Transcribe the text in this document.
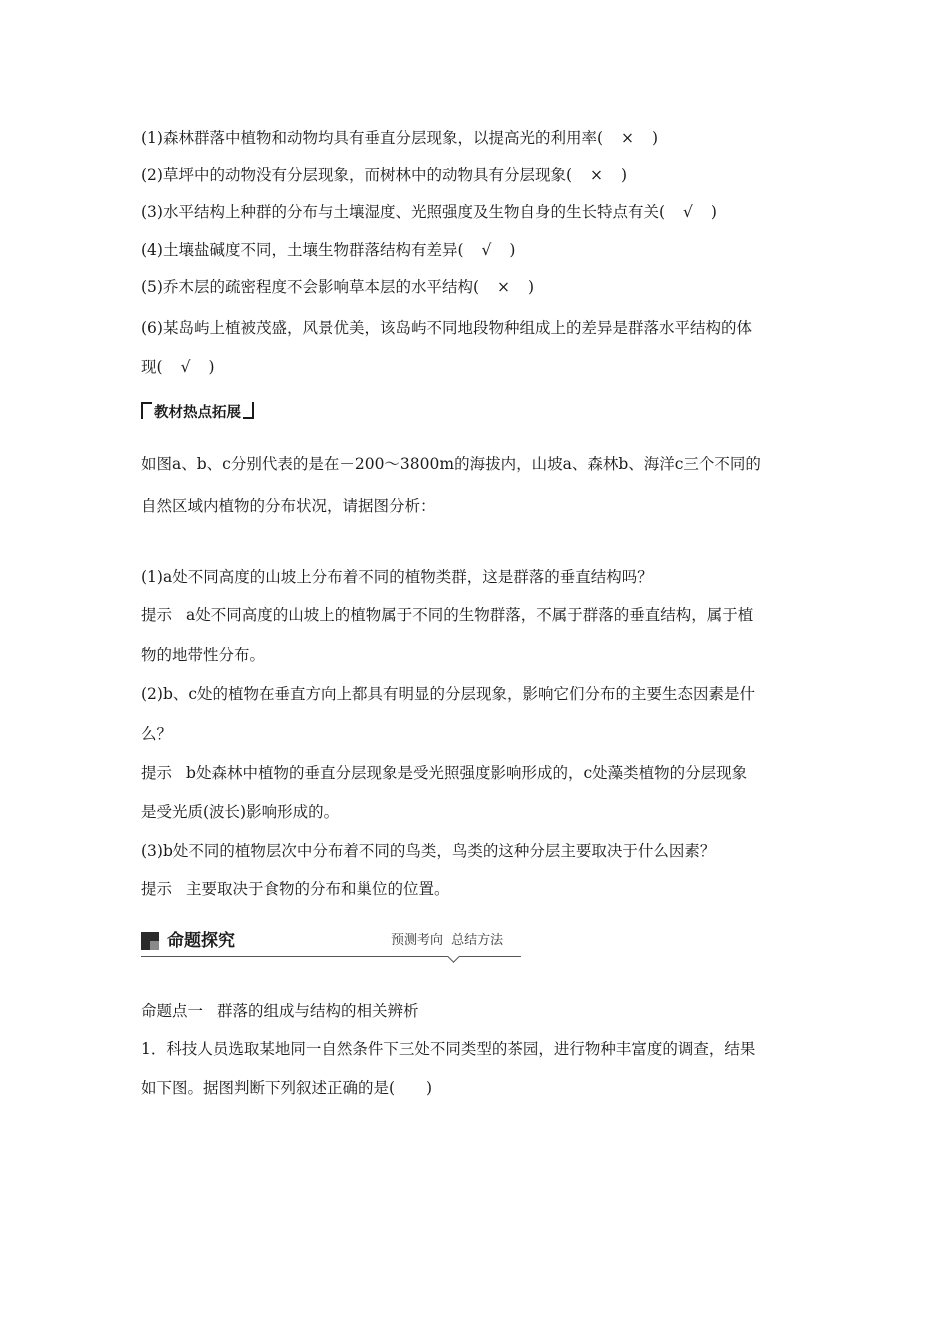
(1)森林群落中植物和动物均具有垂直分层现象，以提高光的利用率( × )
(2)草坪中的动物没有分层现象，而树林中的动物具有分层现象( × )
(3)水平结构上种群的分布与土壤湿度、光照强度及生物自身的生长特点有关( √ )
(4)土壤盐碱度不同，土壤生物群落结构有差异( √ )
(5)乔木层的疏密程度不会影响草本层的水平结构( × )
(6)某岛屿上植被茂盛，风景优美，该岛屿不同地段物种组成上的差异是群落水平结构的体
现( √ )
教材热点拓展
如图a、b、c分别代表的是在－200～3800m的海拔内，山坡a、森林b、海洋c三个不同的
自然区域内植物的分布状况，请据图分析：
(1)a处不同高度的山坡上分布着不同的植物类群，这是群落的垂直结构吗？
提示 a处不同高度的山坡上的植物属于不同的生物群落，不属于群落的垂直结构，属于植
物的地带性分布。
(2)b、c处的植物在垂直方向上都具有明显的分层现象，影响它们分布的主要生态因素是什
么？
提示 b处森林中植物的垂直分层现象是受光照强度影响形成的，c处藻类植物的分层现象
是受光质(波长)影响形成的。
(3)b处不同的植物层次中分布着不同的鸟类，鸟类的这种分层主要取决于什么因素？
提示 主要取决于食物的分布和巢位的位置。
命题探究	预测考向 总结方法
命题点一 群落的组成与结构的相关辨析
1．科技人员选取某地同一自然条件下三处不同类型的茶园，进行物种丰富度的调查，结果
如下图。据图判断下列叙述正确的是(　　)
